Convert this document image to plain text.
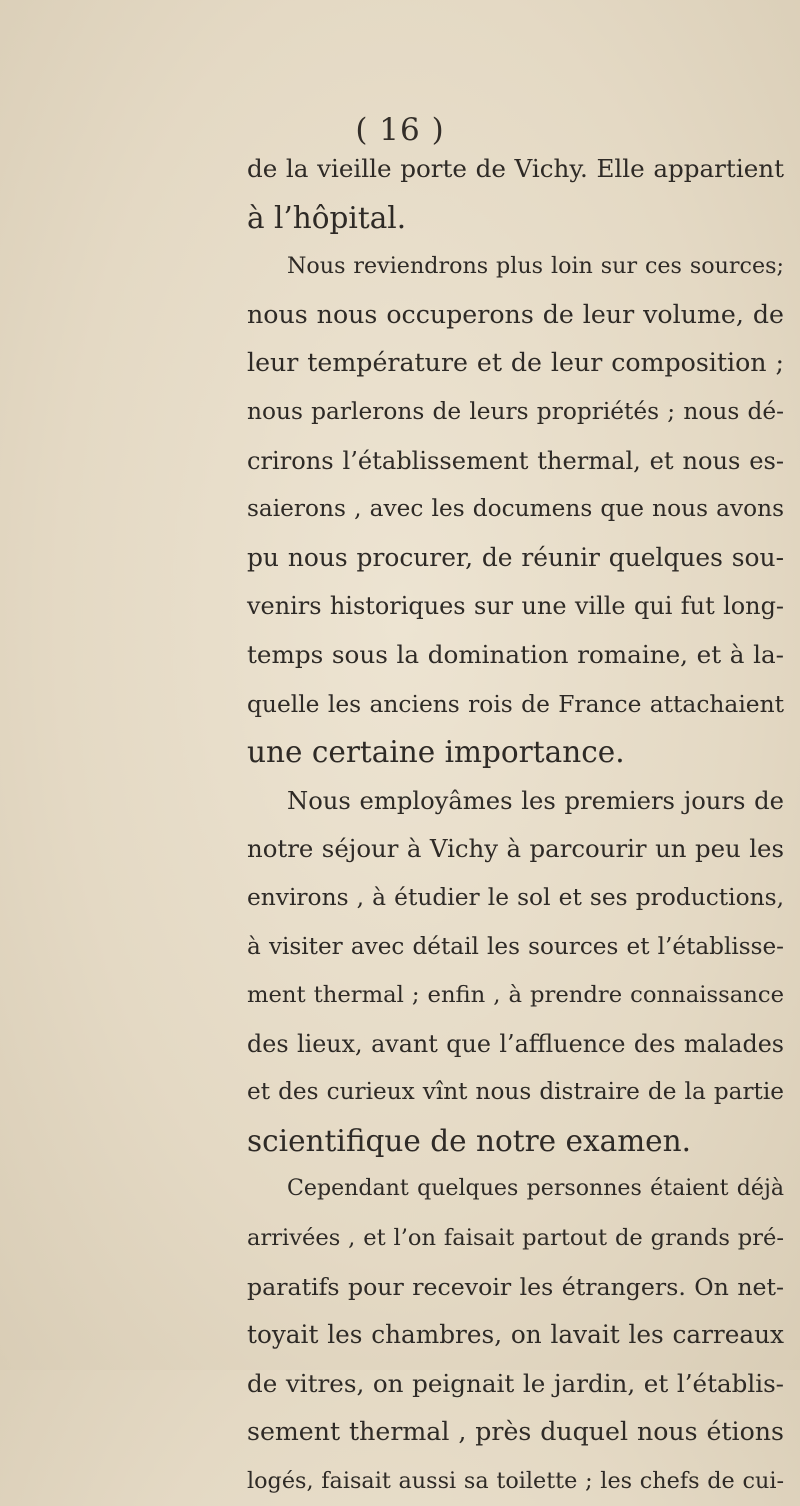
( 16 )
de la vieille porte de Vichy. Elle appartient
à l’hôpital.
Nous reviendrons plus loin sur ces sources;
nous nous occuperons de leur volume, de
leur température et de leur composition ;
nous parlerons de leurs propriétés ; nous dé-
crirons l’établissement thermal, et nous es-
saierons , avec les documens que nous avons
pu nous procurer, de réunir quelques sou-
venirs historiques sur une ville qui fut long-
temps sous la domination romaine, et à la-
quelle les anciens rois de France attachaient
une certaine importance.
Nous employâmes les premiers jours de
notre séjour à Vichy à parcourir un peu les
environs , à étudier le sol et ses productions,
à visiter avec détail les sources et l’établisse-
ment thermal ; enfin , à prendre connaissance
des lieux, avant que l’affluence des malades
et des curieux vînt nous distraire de la partie
scientifique de notre examen.
Cependant quelques personnes étaient déjà
arrivées , et l’on faisait partout de grands pré-
paratifs pour recevoir les étrangers. On net-
toyait les chambres, on lavait les carreaux
de vitres, on peignait le jardin, et l’établis-
sement thermal , près duquel nous étions
logés, faisait aussi sa toilette ; les chefs de cui-
